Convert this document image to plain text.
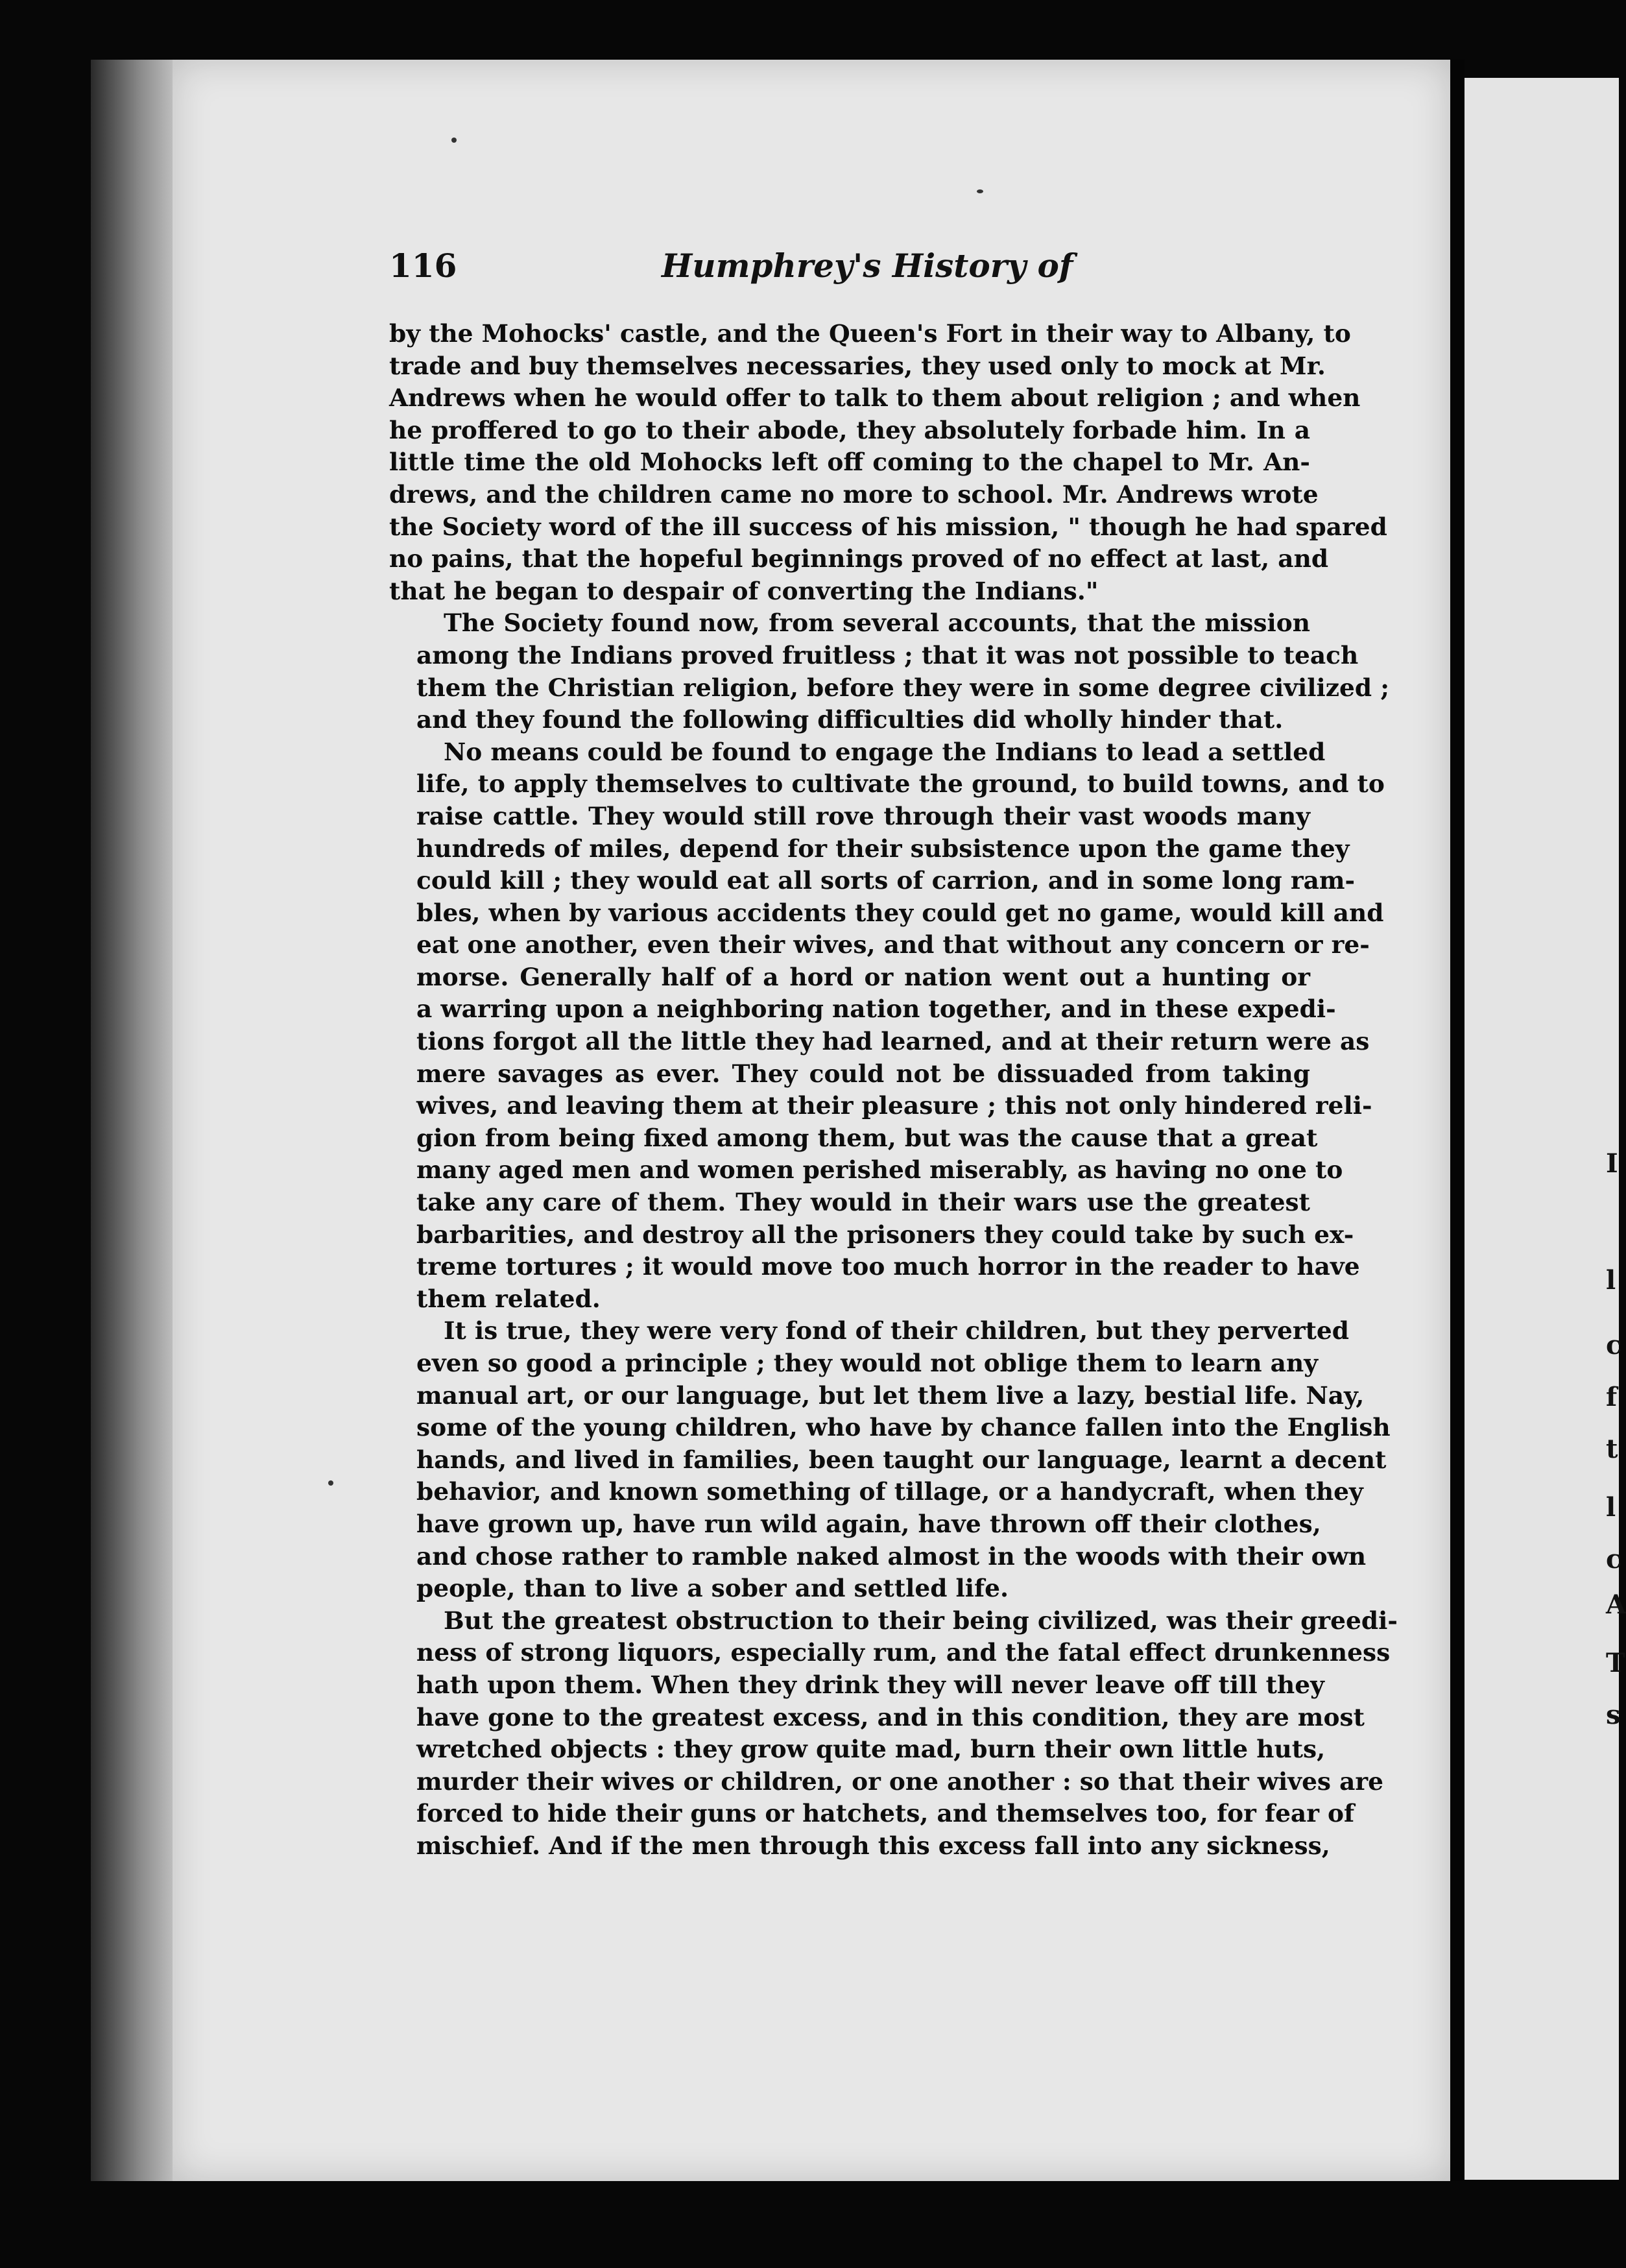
I
l
c
f
t
l
c
A
T
s
116	Humphrey's History of
by the Mohocks' castle, and the Queen's Fort in their way to Albany, to
trade and buy themselves necessaries, they used only to mock at Mr.
Andrews when he would offer to talk to them about religion ; and when
he proffered to go to their abode, they absolutely forbade him. In a
little time the old Mohocks left off coming to the chapel to Mr. An-
drews, and the children came no more to school. Mr. Andrews wrote
the Society word of the ill success of his mission, " though he had spared
no pains, that the hopeful beginnings proved of no effect at last, and
that he began to despair of converting the Indians."
The Society found now, from several accounts, that the mission
among the Indians proved fruitless ; that it was not possible to teach
them the Christian religion, before they were in some degree civilized ;
and they found the following difficulties did wholly hinder that.
No means could be found to engage the Indians to lead a settled
life, to apply themselves to cultivate the ground, to build towns, and to
raise cattle. They would still rove through their vast woods many
hundreds of miles, depend for their subsistence upon the game they
could kill ; they would eat all sorts of carrion, and in some long ram-
bles, when by various accidents they could get no game, would kill and
eat one another, even their wives, and that without any concern or re-
morse. Generally half of a hord or nation went out a hunting or
a warring upon a neighboring nation together, and in these expedi-
tions forgot all the little they had learned, and at their return were as
mere savages as ever. They could not be dissuaded from taking
wives, and leaving them at their pleasure ; this not only hindered reli-
gion from being fixed among them, but was the cause that a great
many aged men and women perished miserably, as having no one to
take any care of them. They would in their wars use the greatest
barbarities, and destroy all the prisoners they could take by such ex-
treme tortures ; it would move too much horror in the reader to have
them related.
It is true, they were very fond of their children, but they perverted
even so good a principle ; they would not oblige them to learn any
manual art, or our language, but let them live a lazy, bestial life. Nay,
some of the young children, who have by chance fallen into the English
hands, and lived in families, been taught our language, learnt a decent
behavior, and known something of tillage, or a handycraft, when they
have grown up, have run wild again, have thrown off their clothes,
and chose rather to ramble naked almost in the woods with their own
people, than to live a sober and settled life.
But the greatest obstruction to their being civilized, was their greedi-
ness of strong liquors, especially rum, and the fatal effect drunkenness
hath upon them. When they drink they will never leave off till they
have gone to the greatest excess, and in this condition, they are most
wretched objects : they grow quite mad, burn their own little huts,
murder their wives or children, or one another : so that their wives are
forced to hide their guns or hatchets, and themselves too, for fear of
mischief. And if the men through this excess fall into any sickness,
